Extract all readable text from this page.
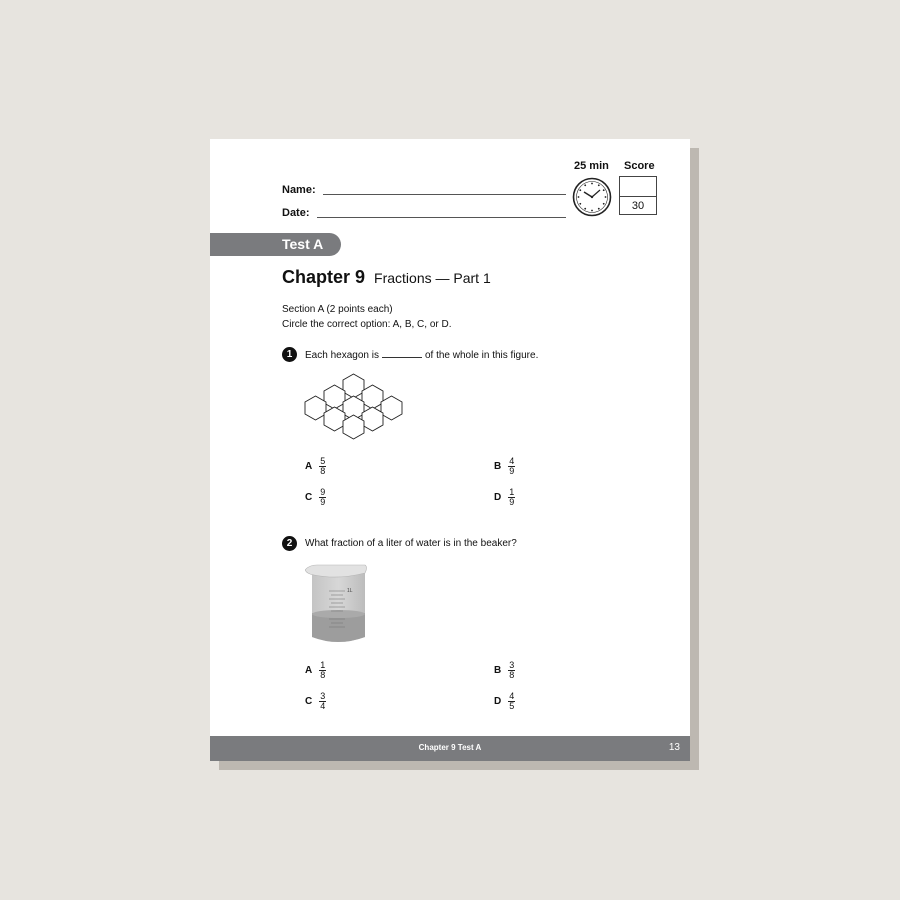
Name:
Date:
25 min Score
30
Test A
Chapter 9 Fractions — Part 1
Section A (2 points each)
Circle the correct option: A, B, C, or D.
1	Each hexagon is	of the whole in this figure.
A $\frac{5}{8}$	B $\frac{4}{9}$
C $\frac{9}{9}$	D $\frac{1}{9}$
2	What fraction of a liter of water is in the beaker?
1L
A $\frac{1}{8}$	B $\frac{3}{8}$
C $\frac{3}{4}$	D $\frac{4}{5}$
Chapter 9 Test A	13
